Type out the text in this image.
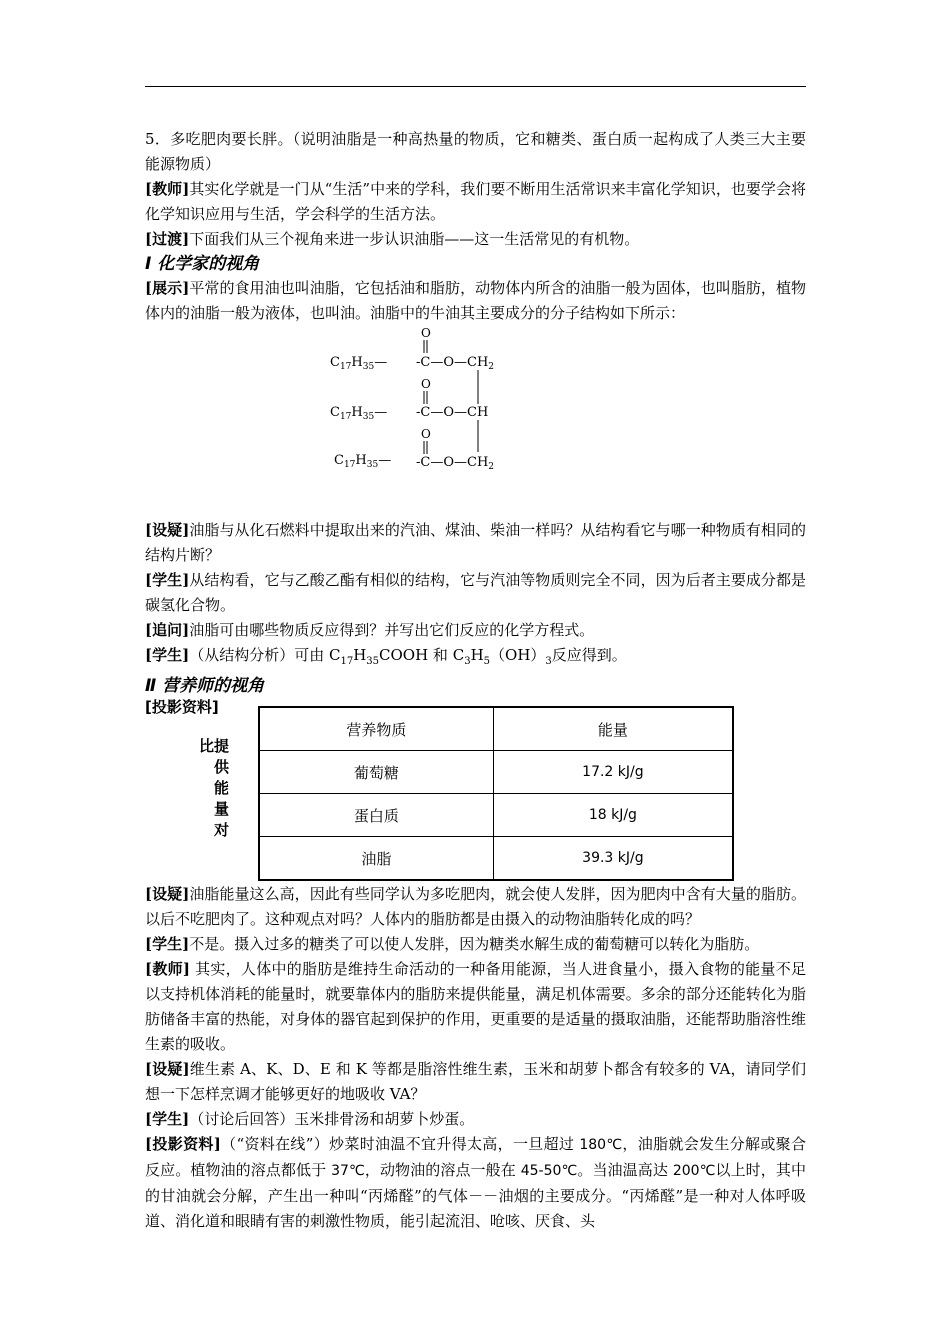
5．多吃肥肉要长胖。（说明油脂是一种高热量的物质，它和糖类、蛋白质一起构成了人类三大主要能源物质）

[教师]其实化学就是一门从“生活”中来的学科，我们要不断用生活常识来丰富化学知识，也要学会将化学知识应用与生活，学会科学的生活方法。

[过渡]下面我们从三个视角来进一步认识油脂——这一生活常见的有机物。

Ⅰ 化学家的视角

[展示]平常的食用油也叫油脂，它包括油和脂肪，动物体内所含的油脂一般为固体，也叫脂肪，植物体内的油脂一般为液体，也叫油。油脂中的牛油其主要成分的分子结构如下所示：

$C_{17}H_{35}—$
O
$-C—O—CH_2$
$C_{17}H_{35}—$
O
-C—O—CH
$C_{17}H_{35}—$
O
$-C—O—CH_2$

[设疑]油脂与从化石燃料中提取出来的汽油、煤油、柴油一样吗？从结构看它与哪一种物质有相同的结构片断？

[学生]从结构看，它与乙酸乙酯有相似的结构，它与汽油等物质则完全不同，因为后者主要成分都是碳氢化合物。

[追问]油脂可由哪些物质反应得到？并写出它们反应的化学方程式。

[学生]（从结构分析）可由 $C_{17}H_{35}COOH$ 和 $C_3H_5(OH)_3$反应得到。

Ⅱ 营养师的视角
[投影资料]
比提
供
能
量
对
营养物质	能量
葡萄糖	17.2 kJ/g
蛋白质	18 kJ/g
油脂	39.3 kJ/g

[设疑]油脂能量这么高，因此有些同学认为多吃肥肉，就会使人发胖，因为肥肉中含有大量的脂肪。以后不吃肥肉了。这种观点对吗？人体内的脂肪都是由摄入的动物油脂转化成的吗？

[学生]不是。摄入过多的糖类了可以使人发胖，因为糖类水解生成的葡萄糖可以转化为脂肪。

[教师] 其实，人体中的脂肪是维持生命活动的一种备用能源，当人进食量小，摄入食物的能量不足以支持机体消耗的能量时，就要靠体内的脂肪来提供能量，满足机体需要。多余的部分还能转化为脂肪储备丰富的热能，对身体的器官起到保护的作用，更重要的是适量的摄取油脂，还能帮助脂溶性维生素的吸收。

[设疑]维生素 A、K、D、E 和 K 等都是脂溶性维生素，玉米和胡萝卜都含有较多的 VA，请同学们想一下怎样烹调才能够更好的地吸收 VA？

[学生]（讨论后回答）玉米排骨汤和胡萝卜炒蛋。

[投影资料]（“资料在线”）炒菜时油温不宜升得太高，一旦超过 180℃，油脂就会发生分解或聚合反应。植物油的溶点都低于 37℃，动物油的溶点一般在 45-50℃。当油温高达 200℃以上时，其中的甘油就会分解，产生出一种叫“丙烯醛”的气体－－油烟的主要成分。“丙烯醛”是一种对人体呼吸道、消化道和眼睛有害的刺激性物质，能引起流泪、呛咳、厌食、头
